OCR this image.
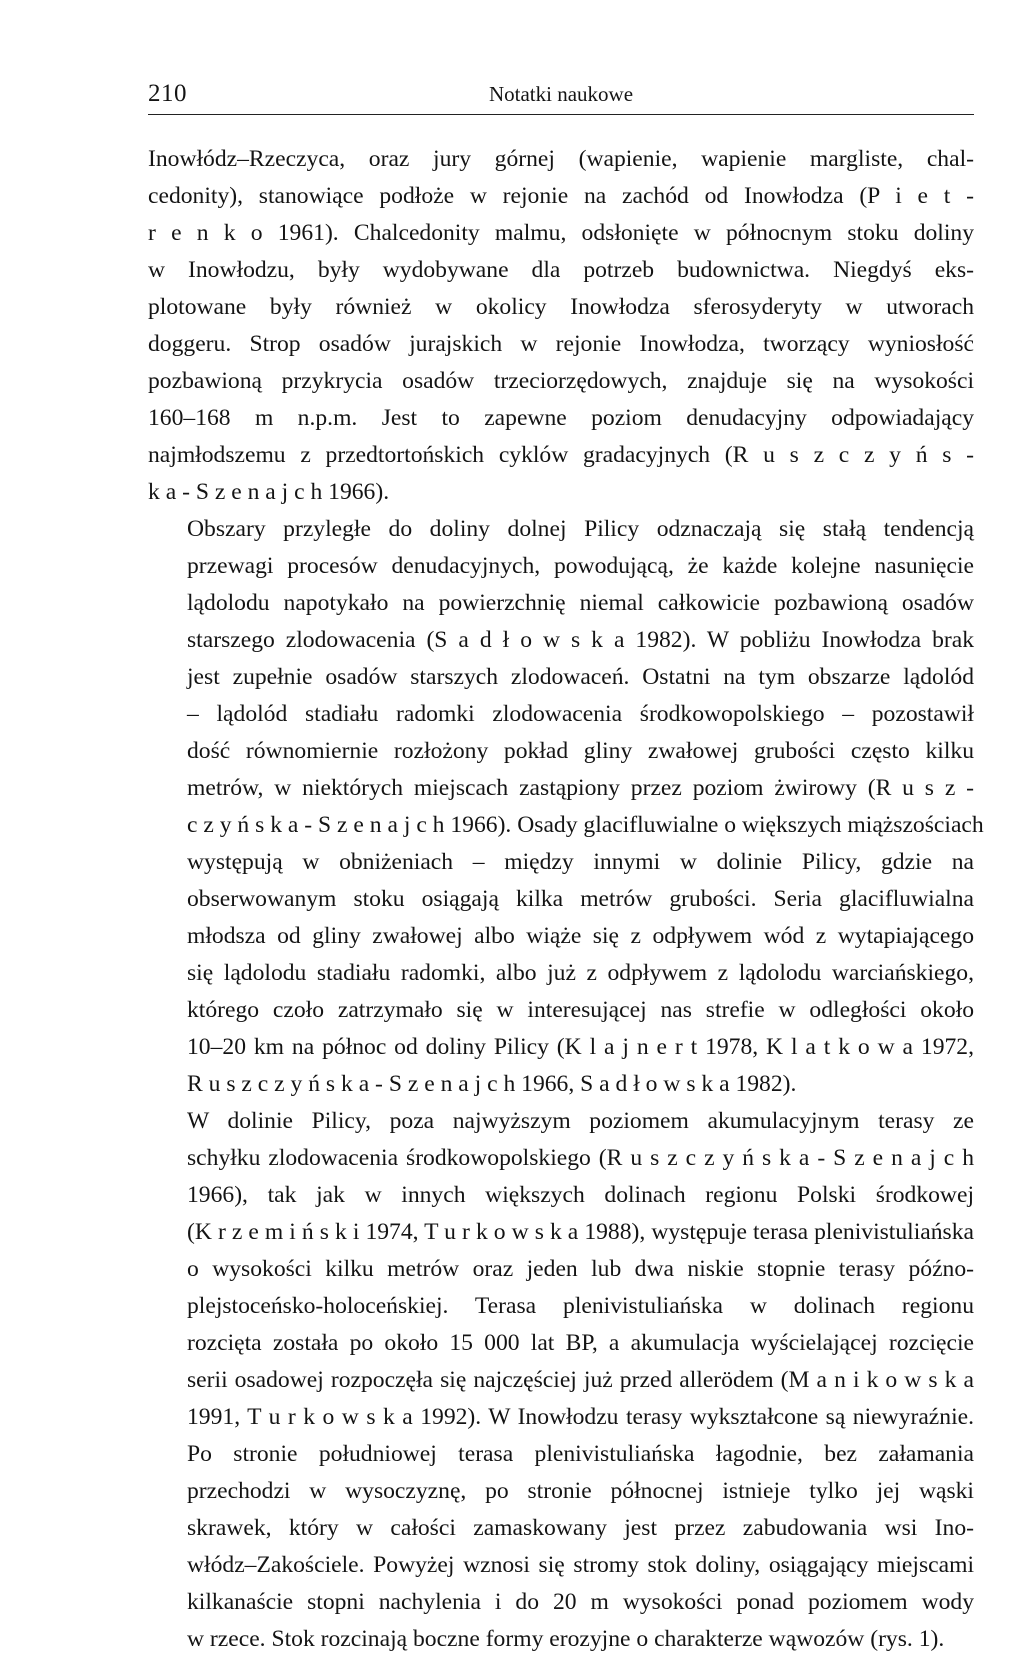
210	Notatki naukowe

Inowłódz–Rzeczyca, oraz jury górnej (wapienie, wapienie margliste, chal-
cedonity), stanowiące podłoże w rejonie na zachód od Inowłodza (P i e t -
r e n k o 1961). Chalcedonity malmu, odsłonięte w północnym stoku doliny
w Inowłodzu, były wydobywane dla potrzeb budownictwa. Niegdyś eks-
plotowane były również w okolicy Inowłodza sferosyderyty w utworach
doggeru. Strop osadów jurajskich w rejonie Inowłodza, tworzący wyniosłość
pozbawioną przykrycia osadów trzeciorzędowych, znajduje się na wysokości
160–168 m n.p.m. Jest to zapewne poziom denudacyjny odpowiadający
najmłodszemu z przedtortońskich cyklów gradacyjnych (R u s z c z y ń s -
k a - S z e n a j c h 1966).

Obszary przyległe do doliny dolnej Pilicy odznaczają się stałą tendencją
przewagi procesów denudacyjnych, powodującą, że każde kolejne nasunięcie
lądolodu napotykało na powierzchnię niemal całkowicie pozbawioną osadów
starszego zlodowacenia (S a d ł o w s k a 1982). W pobliżu Inowłodza brak
jest zupełnie osadów starszych zlodowaceń. Ostatni na tym obszarze lądolód
– lądolód stadiału radomki zlodowacenia środkowopolskiego – pozostawił
dość równomiernie rozłożony pokład gliny zwałowej grubości często kilku
metrów, w niektórych miejscach zastąpiony przez poziom żwirowy (R u s z -
c z y ń s k a - S z e n a j c h 1966). Osady glacifluwialne o większych miąższościach
występują w obniżeniach – między innymi w dolinie Pilicy, gdzie na
obserwowanym stoku osiągają kilka metrów grubości. Seria glacifluwialna
młodsza od gliny zwałowej albo wiąże się z odpływem wód z wytapiającego
się lądolodu stadiału radomki, albo już z odpływem z lądolodu warciańskiego,
którego czoło zatrzymało się w interesującej nas strefie w odległości około
10–20 km na północ od doliny Pilicy (K l a j n e r t 1978, K l a t k o w a 1972,
R u s z c z y ń s k a - S z e n a j c h 1966, S a d ł o w s k a 1982).

W dolinie Pilicy, poza najwyższym poziomem akumulacyjnym terasy ze
schyłku zlodowacenia środkowopolskiego (R u s z c z y ń s k a - S z e n a j c h
1966), tak jak w innych większych dolinach regionu Polski środkowej
(K r z e m i ń s k i 1974, T u r k o w s k a 1988), występuje terasa plenivistuliańska
o wysokości kilku metrów oraz jeden lub dwa niskie stopnie terasy późno-
plejstoceńsko-holoceńskiej. Terasa plenivistuliańska w dolinach regionu
rozcięta została po około 15 000 lat BP, a akumulacja wyścielającej rozcięcie
serii osadowej rozpoczęła się najczęściej już przed allerödem (M a n i k o w s k a
1991, T u r k o w s k a 1992). W Inowłodzu terasy wykształcone są niewyraźnie.
Po stronie południowej terasa plenivistuliańska łagodnie, bez załamania
przechodzi w wysoczyznę, po stronie północnej istnieje tylko jej wąski
skrawek, który w całości zamaskowany jest przez zabudowania wsi Ino-
włódz–Zakościele. Powyżej wznosi się stromy stok doliny, osiągający miejscami
kilkanaście stopni nachylenia i do 20 m wysokości ponad poziomem wody
w rzece. Stok rozcinają boczne formy erozyjne o charakterze wąwozów (rys. 1).
